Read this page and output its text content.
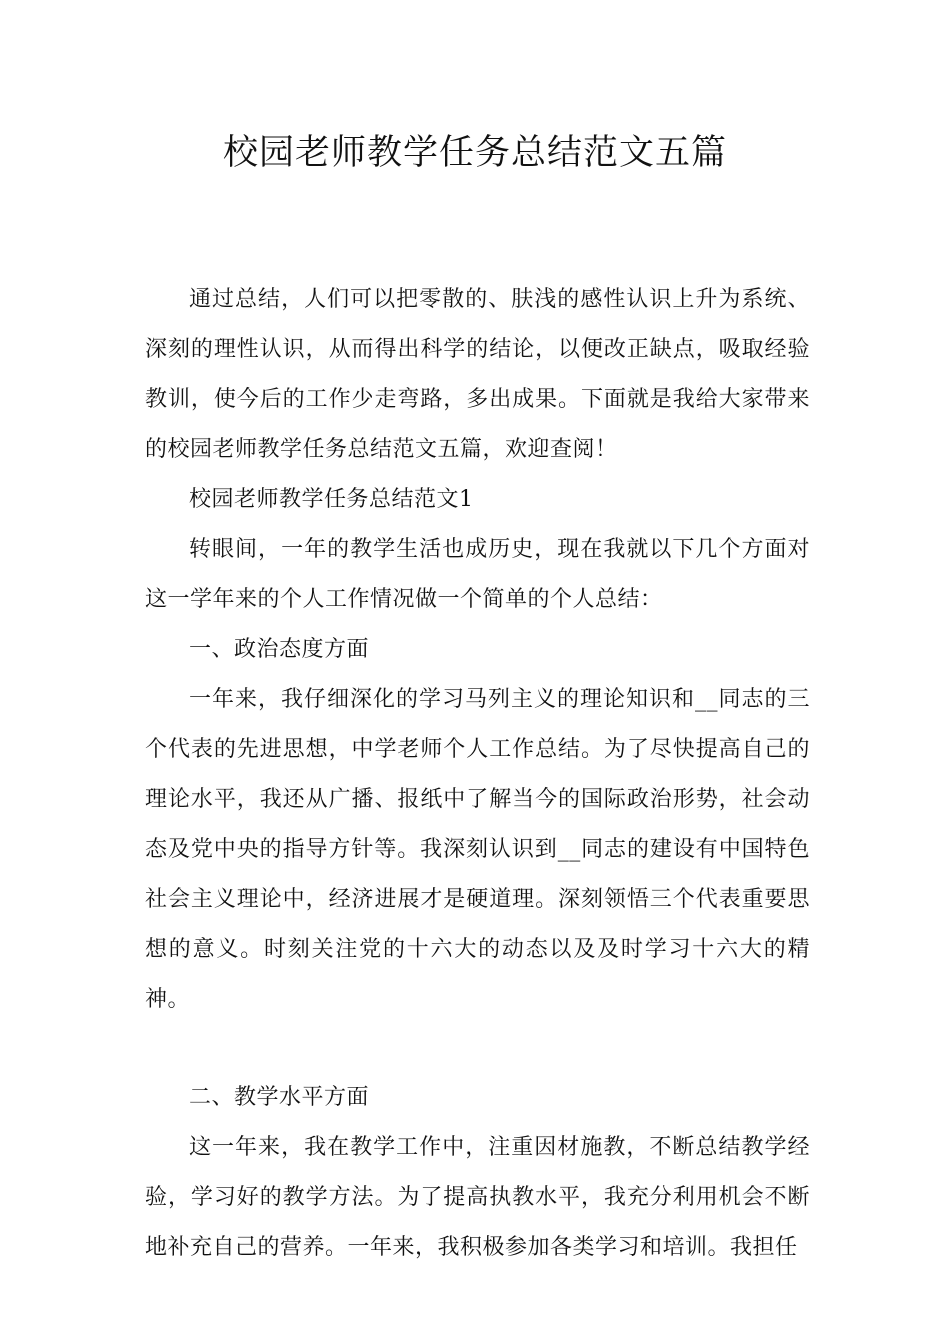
校园老师教学任务总结范文五篇

通过总结，人们可以把零散的、肤浅的感性认识上升为系统、深刻的理性认识，从而得出科学的结论，以便改正缺点，吸取经验教训，使今后的工作少走弯路，多出成果。下面就是我给大家带来的校园老师教学任务总结范文五篇，欢迎查阅！

校园老师教学任务总结范文1

转眼间，一年的教学生活也成历史，现在我就以下几个方面对这一学年来的个人工作情况做一个简单的个人总结：

一、政治态度方面

一年来，我仔细深化的学习马列主义的理论知识和__同志的三个代表的先进思想，中学老师个人工作总结。为了尽快提高自己的理论水平，我还从广播、报纸中了解当今的国际政治形势，社会动态及党中央的指导方针等。我深刻认识到__同志的建设有中国特色社会主义理论中，经济进展才是硬道理。深刻领悟三个代表重要思想的意义。时刻关注党的十六大的动态以及及时学习十六大的精神。

二、教学水平方面

这一年来，我在教学工作中，注重因材施教，不断总结教学经验，学习好的教学方法。为了提高执教水平，我充分利用机会不断地补充自己的营养。一年来，我积极参加各类学习和培训。我担任
